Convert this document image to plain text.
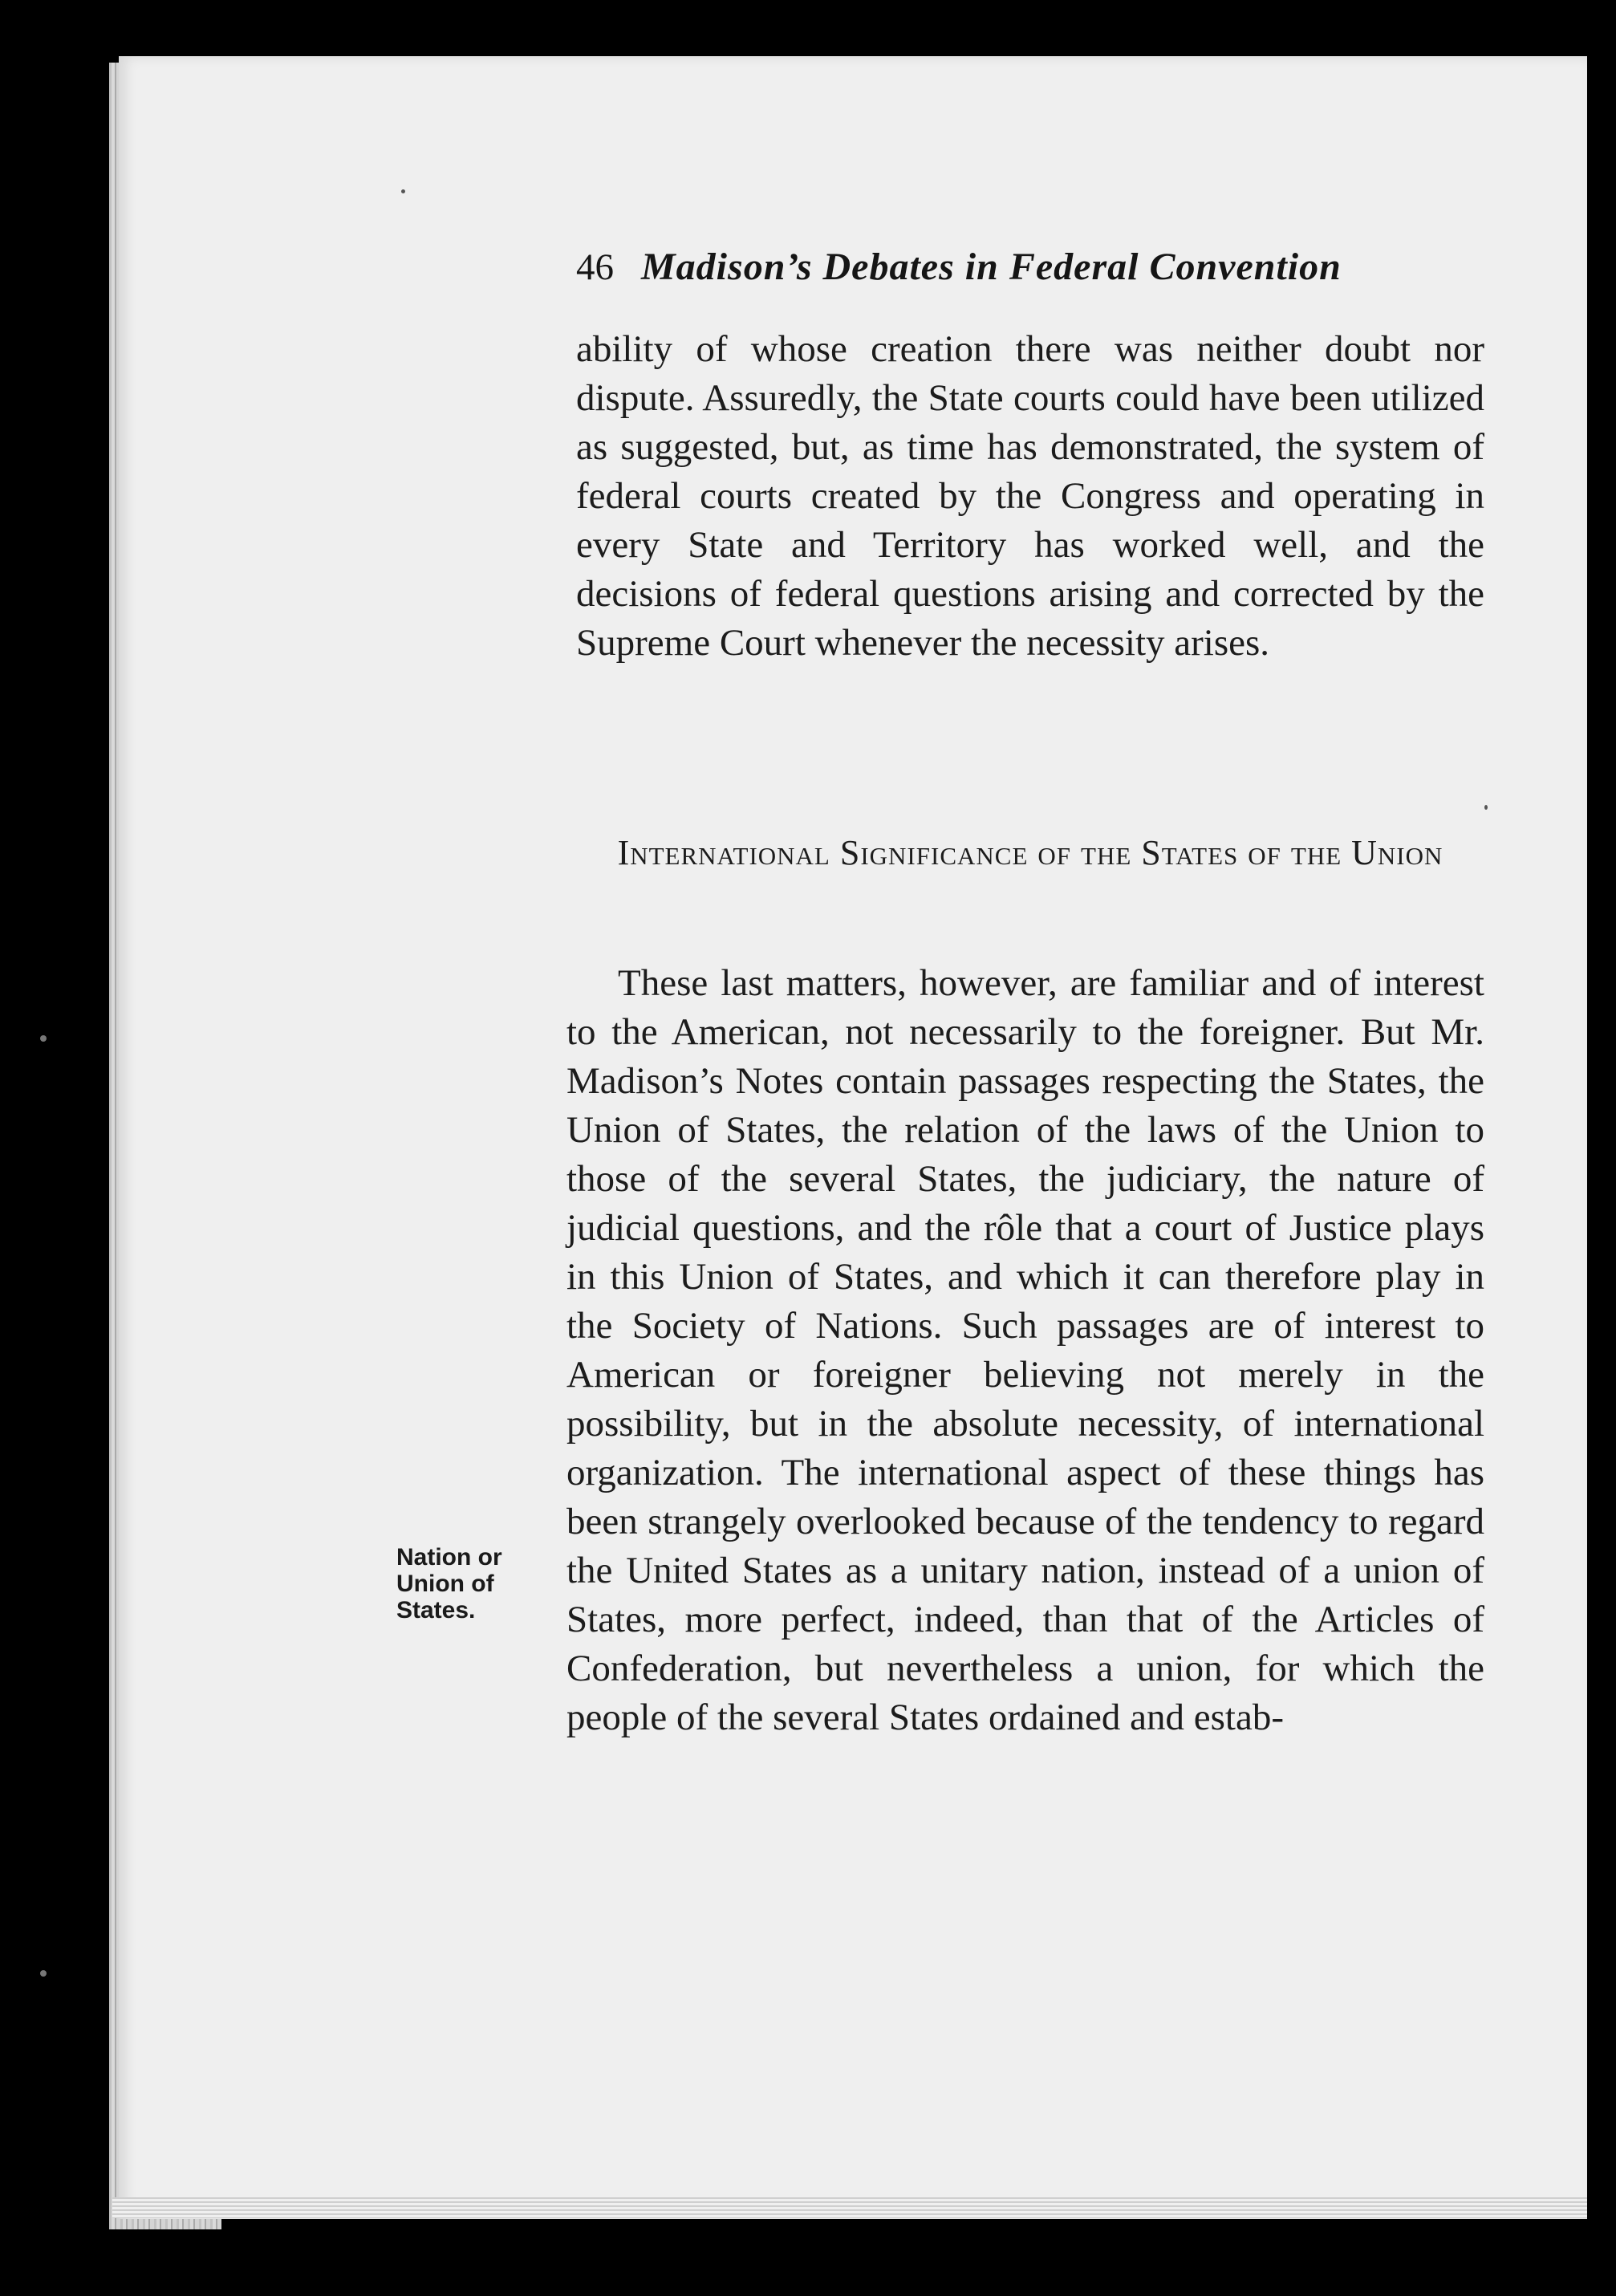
46 Madison’s Debates in Federal Convention

ability of whose creation there was neither doubt nor dispute. Assuredly, the State courts could have been utilized as suggested, but, as time has demonstrated, the system of federal courts created by the Congress and operating in every State and Territory has worked well, and the decisions of federal questions arising and corrected by the Supreme Court whenever the necessity arises.

International Significance of the States of the Union

These last matters, however, are familiar and of interest to the American, not necessarily to the foreigner. But Mr. Madison’s Notes contain passages respecting the States, the Union of States, the relation of the laws of the Union to those of the several States, the judiciary, the nature of judicial questions, and the rôle that a court of Justice plays in this Union of States, and which it can therefore play in the Society of Nations. Such passages are of interest to American or foreigner believing not merely in the possibility, but in the absolute necessity, of international organization. The international aspect of these things has been strangely overlooked because of the tendency to regard the United States as a unitary nation, instead of a union of States, more perfect, indeed, than that of the Articles of Confederation, but nevertheless a union, for which the people of the several States ordained and estab-

Nation or Union of States.
